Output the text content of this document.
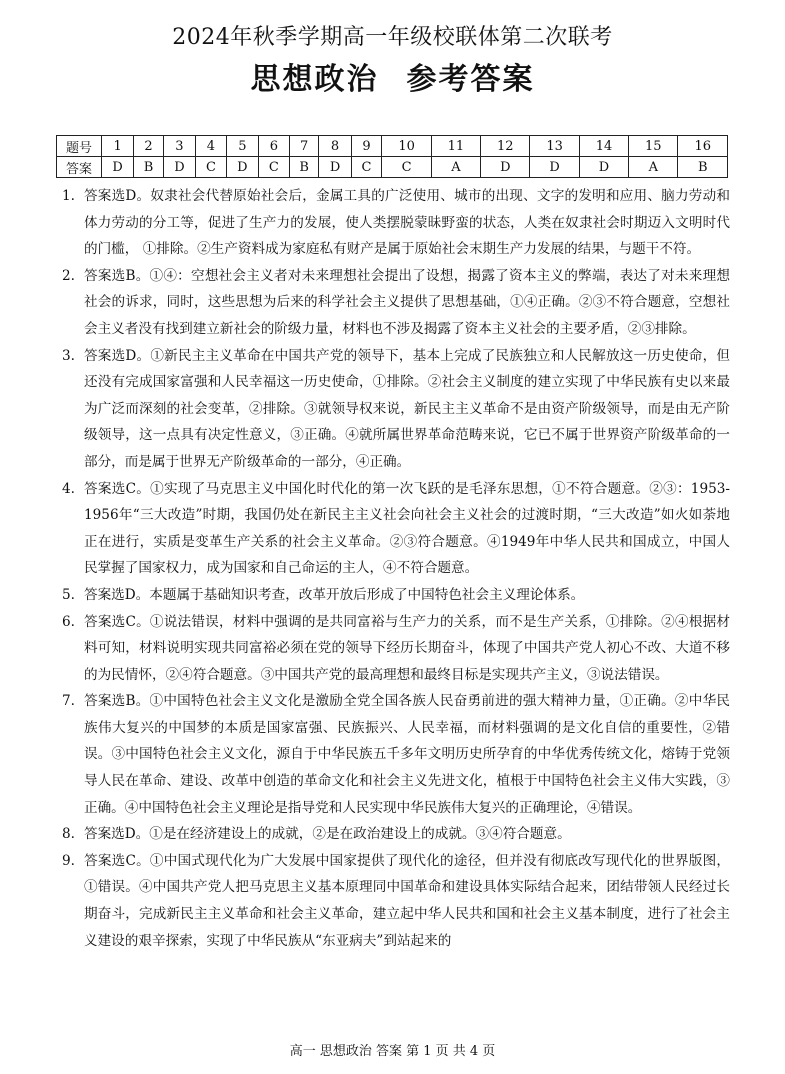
2024年秋季学期高一年级校联体第二次联考
思想政治 参考答案
题号	1	2	3	4	5	6	7	8	9	10	11	12	13	14	15	16
答案	D	B	D	C	D	C	B	D	C	C	A	D	D	D	A	B
1. 答案选D。奴隶社会代替原始社会后，金属工具的广泛使用、城市的出现、文字的发明和应用、脑力劳动和体力劳动的分工等，促进了生产力的发展，使人类摆脱蒙昧野蛮的状态，人类在奴隶社会时期迈入文明时代的门槛， ①排除。②生产资料成为家庭私有财产是属于原始社会末期生产力发展的结果，与题干不符。
2. 答案选B。①④：空想社会主义者对未来理想社会提出了设想，揭露了资本主义的弊端，表达了对未来理想社会的诉求，同时，这些思想为后来的科学社会主义提供了思想基础，①④正确。②③不符合题意，空想社会主义者没有找到建立新社会的阶级力量，材料也不涉及揭露了资本主义社会的主要矛盾，②③排除。
3. 答案选D。①新民主主义革命在中国共产党的领导下，基本上完成了民族独立和人民解放这一历史使命，但还没有完成国家富强和人民幸福这一历史使命，①排除。②社会主义制度的建立实现了中华民族有史以来最为广泛而深刻的社会变革，②排除。③就领导权来说，新民主主义革命不是由资产阶级领导，而是由无产阶级领导，这一点具有决定性意义，③正确。④就所属世界革命范畴来说，它已不属于世界资产阶级革命的一部分，而是属于世界无产阶级革命的一部分，④正确。
4. 答案选C。①实现了马克思主义中国化时代化的第一次飞跃的是毛泽东思想，①不符合题意。②③：1953-1956年“三大改造”时期，我国仍处在新民主主义社会向社会主义社会的过渡时期，“三大改造”如火如荼地正在进行，实质是变革生产关系的社会主义革命。②③符合题意。④1949年中华人民共和国成立，中国人民掌握了国家权力，成为国家和自己命运的主人，④不符合题意。
5. 答案选D。本题属于基础知识考查，改革开放后形成了中国特色社会主义理论体系。
6. 答案选C。①说法错误，材料中强调的是共同富裕与生产力的关系，而不是生产关系，①排除。②④根据材料可知，材料说明实现共同富裕必须在党的领导下经历长期奋斗，体现了中国共产党人初心不改、大道不移的为民情怀，②④符合题意。③中国共产党的最高理想和最终目标是实现共产主义，③说法错误。
7. 答案选B。①中国特色社会主义文化是激励全党全国各族人民奋勇前进的强大精神力量，①正确。②中华民族伟大复兴的中国梦的本质是国家富强、民族振兴、人民幸福，而材料强调的是文化自信的重要性，②错误。③中国特色社会主义文化，源自于中华民族五千多年文明历史所孕育的中华优秀传统文化，熔铸于党领导人民在革命、建设、改革中创造的革命文化和社会主义先进文化，植根于中国特色社会主义伟大实践，③正确。④中国特色社会主义理论是指导党和人民实现中华民族伟大复兴的正确理论，④错误。
8. 答案选D。①是在经济建设上的成就，②是在政治建设上的成就。③④符合题意。
9. 答案选C。①中国式现代化为广大发展中国家提供了现代化的途径，但并没有彻底改写现代化的世界版图，①错误。④中国共产党人把马克思主义基本原理同中国革命和建设具体实际结合起来，团结带领人民经过长期奋斗，完成新民主主义革命和社会主义革命，建立起中华人民共和国和社会主义基本制度，进行了社会主义建设的艰辛探索，实现了中华民族从“东亚病夫”到站起来的
高一 思想政治 答案 第 1 页 共 4 页
